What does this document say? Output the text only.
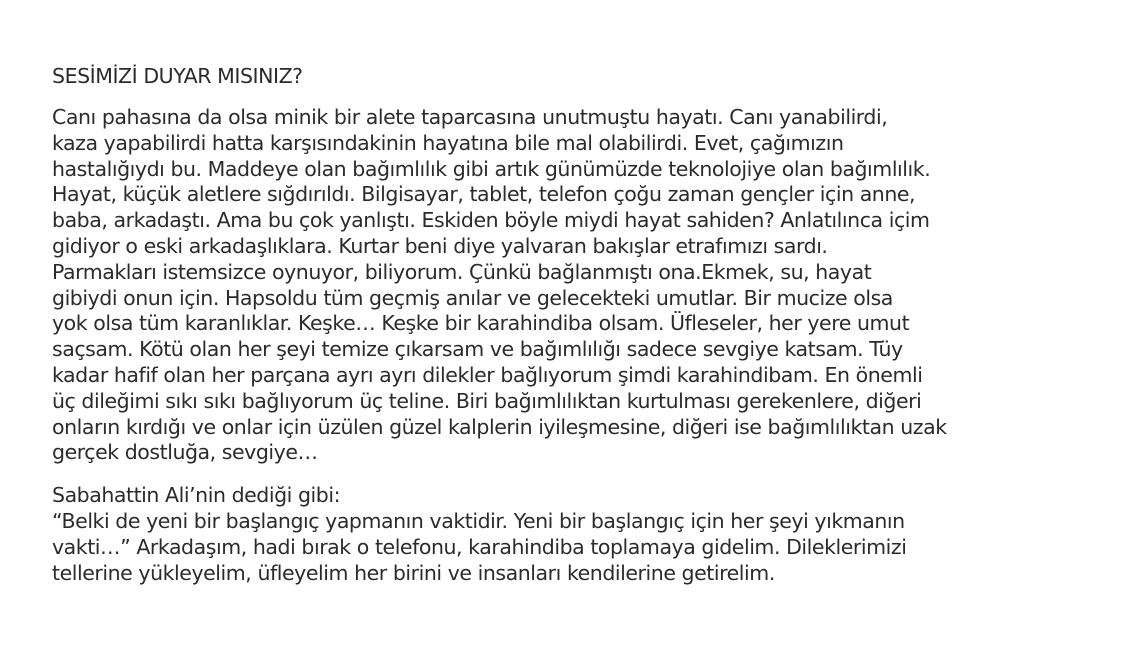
SESİMİZİ DUYAR MISINIZ?

Canı pahasına da olsa minik bir alete taparcasına unutmuştu hayatı. Canı yanabilirdi,
kaza yapabilirdi hatta karşısındakinin hayatına bile mal olabilirdi. Evet, çağımızın
hastalığıydı bu. Maddeye olan bağımlılık gibi artık günümüzde teknolojiye olan bağımlılık.
Hayat, küçük aletlere sığdırıldı. Bilgisayar, tablet, telefon çoğu zaman gençler için anne,
baba, arkadaştı. Ama bu çok yanlıştı. Eskiden böyle miydi hayat sahiden? Anlatılınca içim
gidiyor o eski arkadaşlıklara. Kurtar beni diye yalvaran bakışlar etrafımızı sardı.
Parmakları istemsizce oynuyor, biliyorum. Çünkü bağlanmıştı ona.Ekmek, su, hayat
gibiydi onun için. Hapsoldu tüm geçmiş anılar ve gelecekteki umutlar. Bir mucize olsa
yok olsa tüm karanlıklar. Keşke… Keşke bir karahindiba olsam. Üfleseler, her yere umut
saçsam. Kötü olan her şeyi temize çıkarsam ve bağımlılığı sadece sevgiye katsam. Tüy
kadar hafif olan her parçana ayrı ayrı dilekler bağlıyorum şimdi karahindibam. En önemli
üç dileğimi sıkı sıkı bağlıyorum üç teline. Biri bağımlılıktan kurtulması gerekenlere, diğeri
onların kırdığı ve onlar için üzülen güzel kalplerin iyileşmesine, diğeri ise bağımlılıktan uzak
gerçek dostluğa, sevgiye…

Sabahattin Ali’nin dediği gibi:
“Belki de yeni bir başlangıç yapmanın vaktidir. Yeni bir başlangıç için her şeyi yıkmanın
vakti…” Arkadaşım, hadi bırak o telefonu, karahindiba toplamaya gidelim. Dileklerimizi
tellerine yükleyelim, üfleyelim her birini ve insanları kendilerine getirelim.
